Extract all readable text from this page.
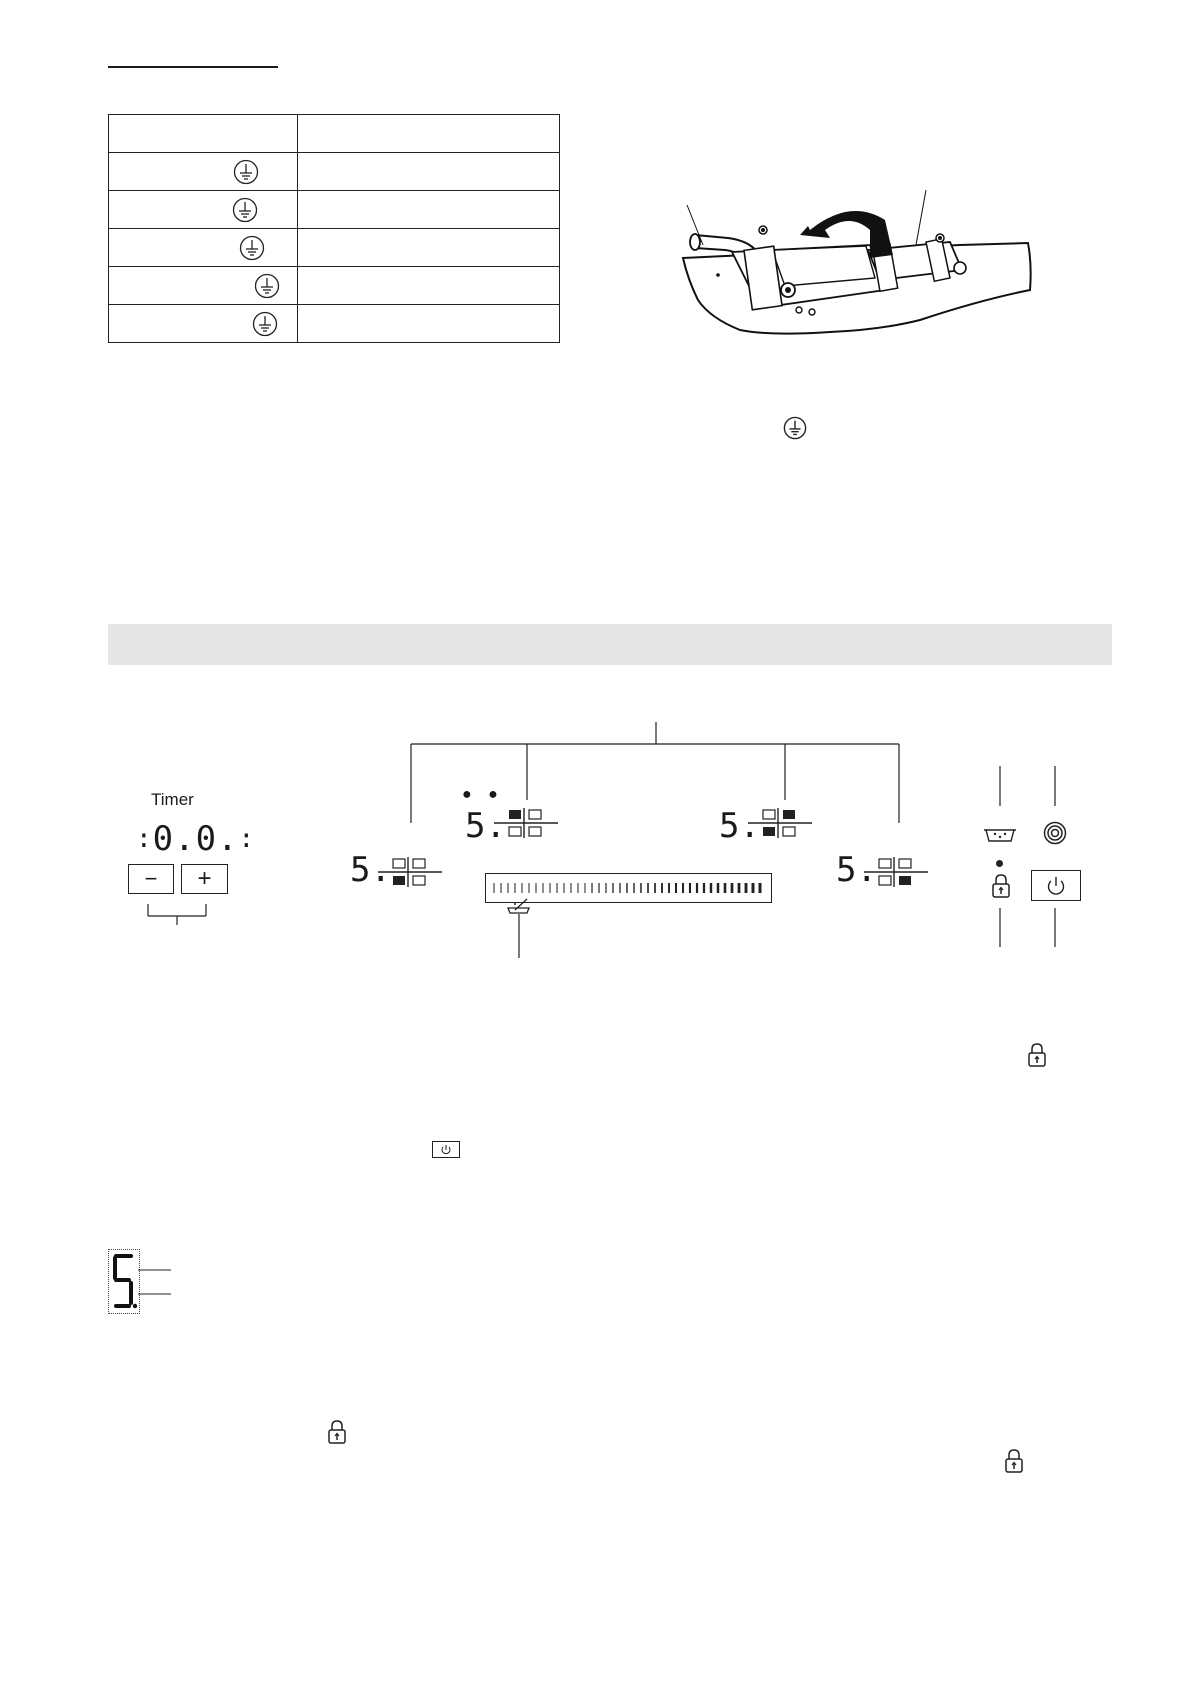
Timer
:0.0.:
−	+	5.
● ●
5.	5.
5.
